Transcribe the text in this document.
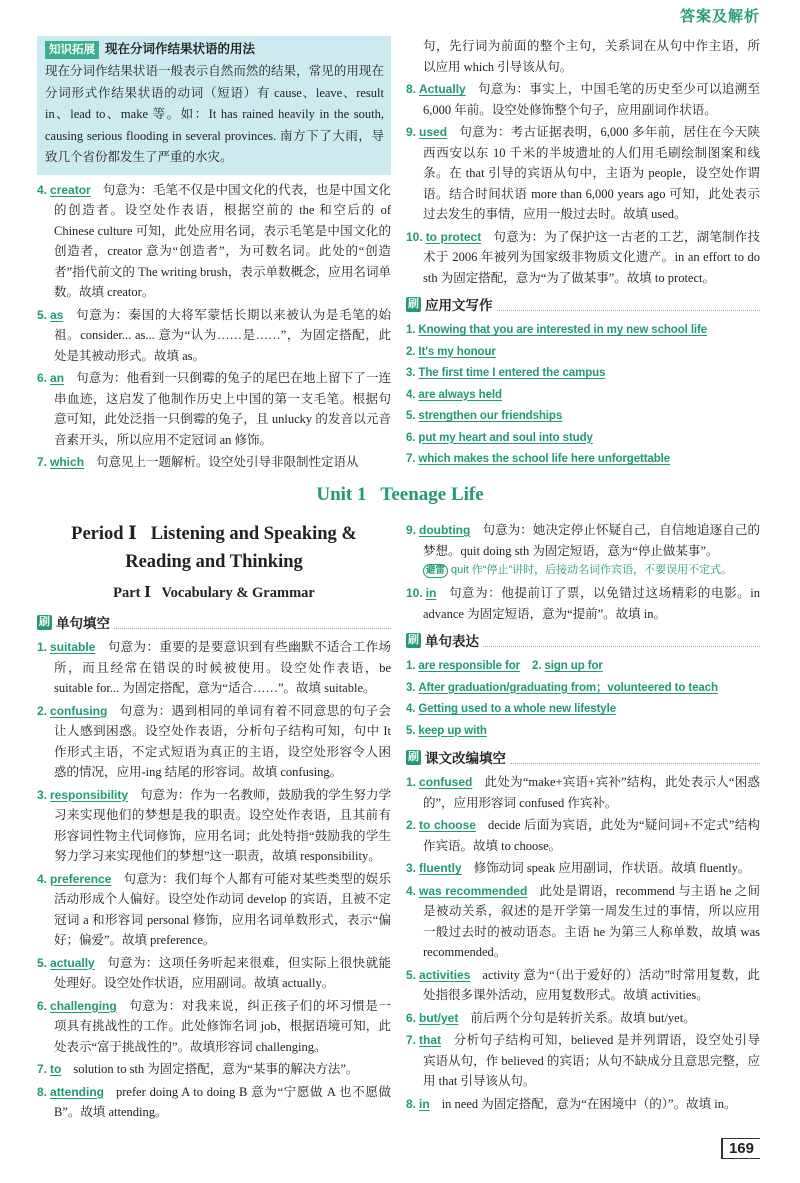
答案及解析
知识拓展 现在分词作结果状语的用法
现在分词作结果状语一般表示自然而然的结果，常见的用现在分词形式作结果状语的动词（短语）有 cause、leave、result in、lead to、make 等。如：It has rained heavily in the south, causing serious flooding in several provinces. 南方下了大雨，导致几个省份都发生了严重的水灾。
4. creator 句意为：毛笔不仅是中国文化的代表，也是中国文化的创造者。设空处作表语，根据空前的 the 和空后的 of Chinese culture 可知，此处应用名词，表示毛笔是中国文化的创造者，creator 意为“创造者”，为可数名词。此处的“创造者”指代前文的 The writing brush，表示单数概念，应用名词单数。故填 creator。
5. as 句意为：秦国的大将军蒙恬长期以来被认为是毛笔的始祖。consider... as... 意为“认为……是……”，为固定搭配，此处是其被动形式。故填 as。
6. an 句意为：他看到一只倒霉的兔子的尾巴在地上留下了一连串血迹，这启发了他制作历史上中国的第一支毛笔。根据句意可知，此处泛指一只倒霉的兔子，且 unlucky 的发音以元音音素开头，所以应用不定冠词 an 修饰。
7. which 句意见上一题解析。设空处引导非限制性定语从
句，先行词为前面的整个主句，关系词在从句中作主语，所以应用 which 引导该从句。
8. Actually 句意为：事实上，中国毛笔的历史至少可以追溯至 6,000 年前。设空处修饰整个句子，应用副词作状语。
9. used 句意为：考古证据表明，6,000 多年前，居住在今天陕西西安以东 10 千米的半坡遗址的人们用毛刷绘制图案和线条。在 that 引导的宾语从句中，主语为 people，设空处作谓语。结合时间状语 more than 6,000 years ago 可知，此处表示过去发生的事情，应用一般过去时。故填 used。
10. to protect 句意为：为了保护这一古老的工艺，湖笔制作技术于 2006 年被列为国家级非物质文化遗产。in an effort to do sth 为固定搭配，意为“为了做某事”。故填 to protect。
刷 应用文写作
1. Knowing that you are interested in my new school life
2. It's my honour
3. The first time I entered the campus
4. are always held
5. strengthen our friendships
6. put my heart and soul into study
7. which makes the school life here unforgettable
Unit 1   Teenage Life
Period Ⅰ   Listening and Speaking &
Reading and Thinking
Part Ⅰ   Vocabulary & Grammar
刷 单句填空
1. suitable 句意为：重要的是要意识到有些幽默不适合工作场所，而且经常在错误的时候被使用。设空处作表语，be suitable for... 为固定搭配，意为“适合……”。故填 suitable。
2. confusing 句意为：遇到相同的单词有着不同意思的句子会让人感到困惑。设空处作表语，分析句子结构可知，句中 It 作形式主语，不定式短语为真正的主语，设空处形容令人困惑的情况，应用-ing 结尾的形容词。故填 confusing。
3. responsibility 句意为：作为一名教师，鼓励我的学生努力学习来实现他们的梦想是我的职责。设空处作表语，且其前有形容词性物主代词修饰，应用名词；此处特指“鼓励我的学生努力学习来实现他们的梦想”这一职责，故填 responsibility。
4. preference 句意为：我们每个人都有可能对某些类型的娱乐活动形成个人偏好。设空处作动词 develop 的宾语，且被不定冠词 a 和形容词 personal 修饰，应用名词单数形式，表示“偏好；偏爱”。故填 preference。
5. actually 句意为：这项任务听起来很难，但实际上很快就能处理好。设空处作状语，应用副词。故填 actually。
6. challenging 句意为：对我来说，纠正孩子们的坏习惯是一项具有挑战性的工作。此处修饰名词 job，根据语境可知，此处表示“富于挑战性的”。故填形容词 challenging。
7. to solution to sth 为固定搭配，意为“某事的解决方法”。
8. attending prefer doing A to doing B 意为“宁愿做 A 也不愿做 B”。故填 attending。
9. doubting 句意为：她决定停止怀疑自己，自信地追逐自己的梦想。quit doing sth 为固定短语，意为“停止做某事”。
避雷 quit 作“停止”讲时，后接动名词作宾语，不要误用不定式。
10. in 句意为：他提前订了票，以免错过这场精彩的电影。in advance 为固定短语，意为“提前”。故填 in。
刷 单句表达
1. are responsible for 2. sign up for
3. After graduation/graduating from；volunteered to teach
4. Getting used to a whole new lifestyle
5. keep up with
刷 课文改编填空
1. confused 此处为“make+宾语+宾补”结构，此处表示人“困惑的”，应用形容词 confused 作宾补。
2. to choose decide 后面为宾语，此处为“疑问词+不定式”结构作宾语。故填 to choose。
3. fluently 修饰动词 speak 应用副词，作状语。故填 fluently。
4. was recommended 此处是谓语，recommend 与主语 he 之间是被动关系，叙述的是开学第一周发生过的事情，所以应用一般过去时的被动语态。主语 he 为第三人称单数，故填 was recommended。
5. activities activity 意为“（出于爱好的）活动”时常用复数，此处指很多课外活动，应用复数形式。故填 activities。
6. but/yet 前后两个分句是转折关系。故填 but/yet。
7. that 分析句子结构可知，believed 是并列谓语，设空处引导宾语从句，作 believed 的宾语；从句不缺成分且意思完整，应用 that 引导该从句。
8. in in need 为固定搭配，意为“在困境中（的）”。故填 in。
169
